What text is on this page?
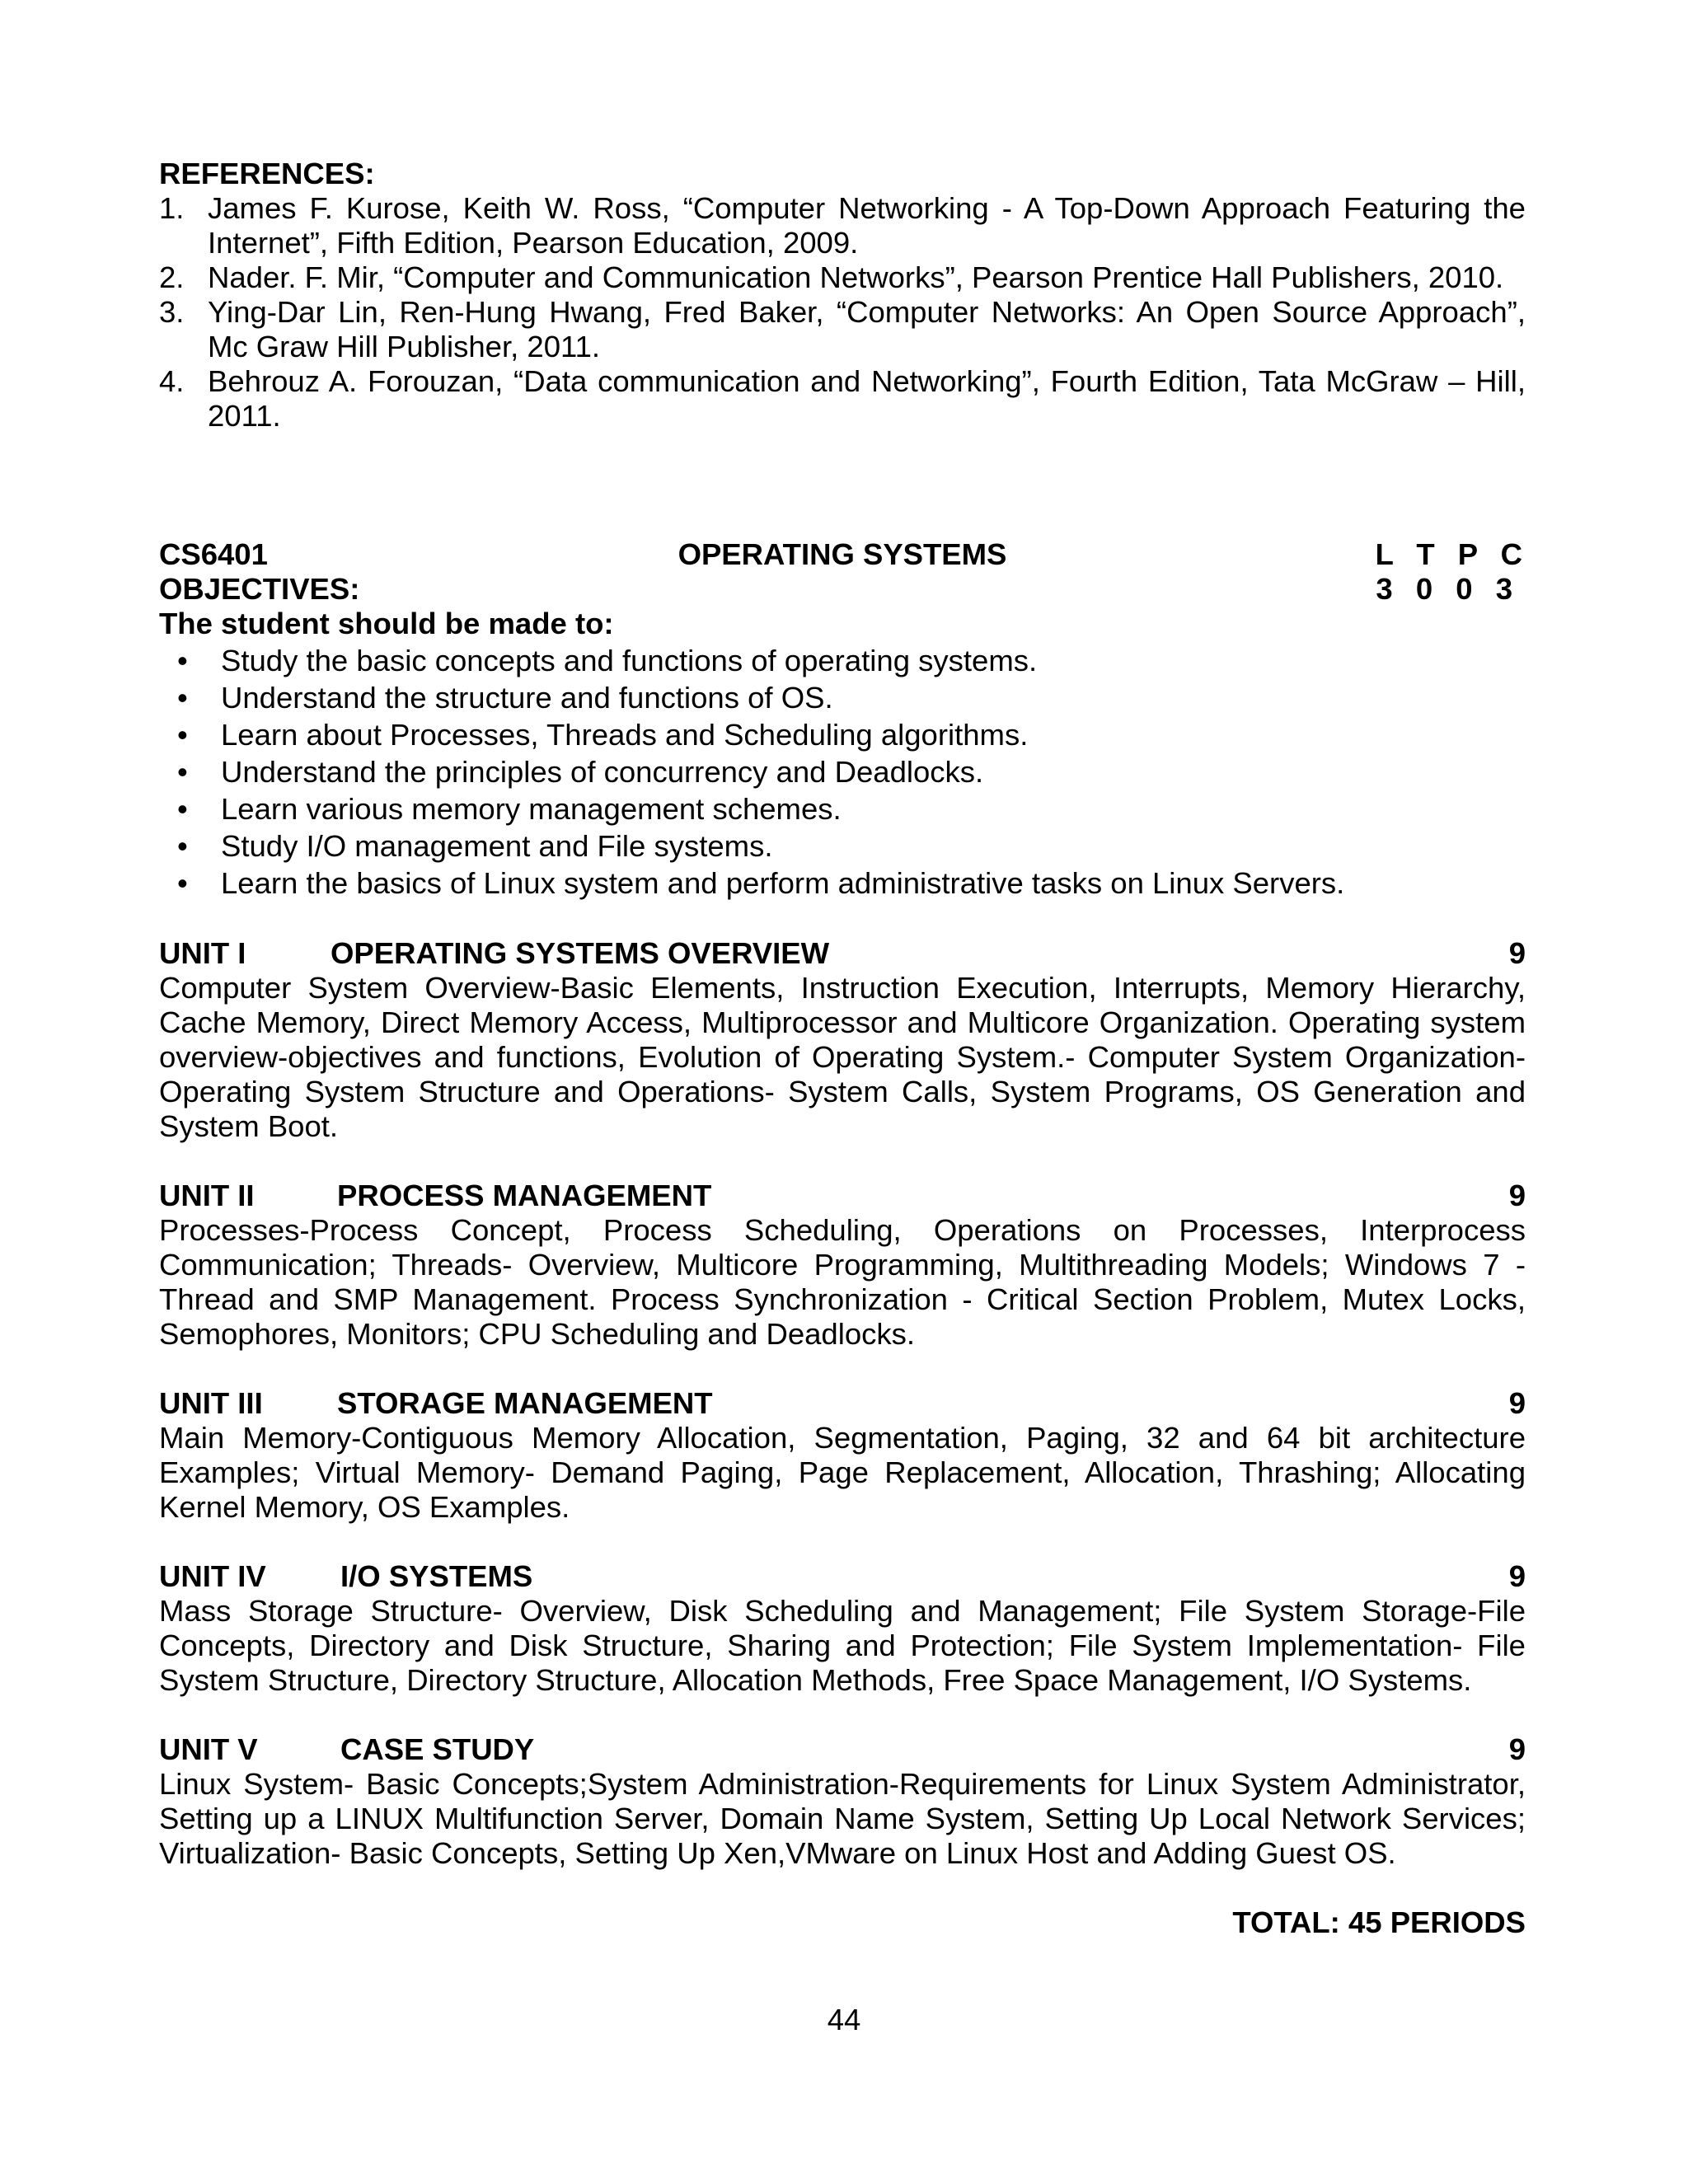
REFERENCES:
1. James F. Kurose, Keith W. Ross, “Computer Networking - A Top-Down Approach Featuring the Internet”, Fifth Edition, Pearson Education, 2009.
2. Nader. F. Mir, “Computer and Communication Networks”, Pearson Prentice Hall Publishers, 2010.
3. Ying-Dar Lin, Ren-Hung Hwang, Fred Baker, “Computer Networks: An Open Source Approach”, Mc Graw Hill Publisher, 2011.
4. Behrouz A. Forouzan, “Data communication and Networking”, Fourth Edition, Tata McGraw – Hill, 2011.
CS6401	OPERATING SYSTEMS	L T P C
3 0 0 3
OBJECTIVES:
The student should be made to:
• Study the basic concepts and functions of operating systems.
• Understand the structure and functions of OS.
• Learn about Processes, Threads and Scheduling algorithms.
• Understand the principles of concurrency and Deadlocks.
• Learn various memory management schemes.
• Study I/O management and File systems.
• Learn the basics of Linux system and perform administrative tasks on Linux Servers.
UNIT I	OPERATING SYSTEMS OVERVIEW	9
Computer System Overview-Basic Elements, Instruction Execution, Interrupts, Memory Hierarchy, Cache Memory, Direct Memory Access, Multiprocessor and Multicore Organization. Operating system overview-objectives and functions, Evolution of Operating System.- Computer System Organization- Operating System Structure and Operations- System Calls, System Programs, OS Generation and System Boot.
UNIT II	PROCESS MANAGEMENT	9
Processes-Process Concept, Process Scheduling, Operations on Processes, Interprocess Communication; Threads- Overview, Multicore Programming, Multithreading Models; Windows 7 - Thread and SMP Management. Process Synchronization - Critical Section Problem, Mutex Locks, Semophores, Monitors; CPU Scheduling and Deadlocks.
UNIT III STORAGE MANAGEMENT	9
Main Memory-Contiguous Memory Allocation, Segmentation, Paging, 32 and 64 bit architecture Examples; Virtual Memory- Demand Paging, Page Replacement, Allocation, Thrashing; Allocating Kernel Memory, OS Examples.
UNIT IV I/O SYSTEMS	9
Mass Storage Structure- Overview, Disk Scheduling and Management; File System Storage-File Concepts, Directory and Disk Structure, Sharing and Protection; File System Implementation- File System Structure, Directory Structure, Allocation Methods, Free Space Management, I/O Systems.
UNIT V	CASE STUDY	9
Linux System- Basic Concepts;System Administration-Requirements for Linux System Administrator, Setting up a LINUX Multifunction Server, Domain Name System, Setting Up Local Network Services; Virtualization- Basic Concepts, Setting Up Xen,VMware on Linux Host and Adding Guest OS.
TOTAL: 45 PERIODS
44
